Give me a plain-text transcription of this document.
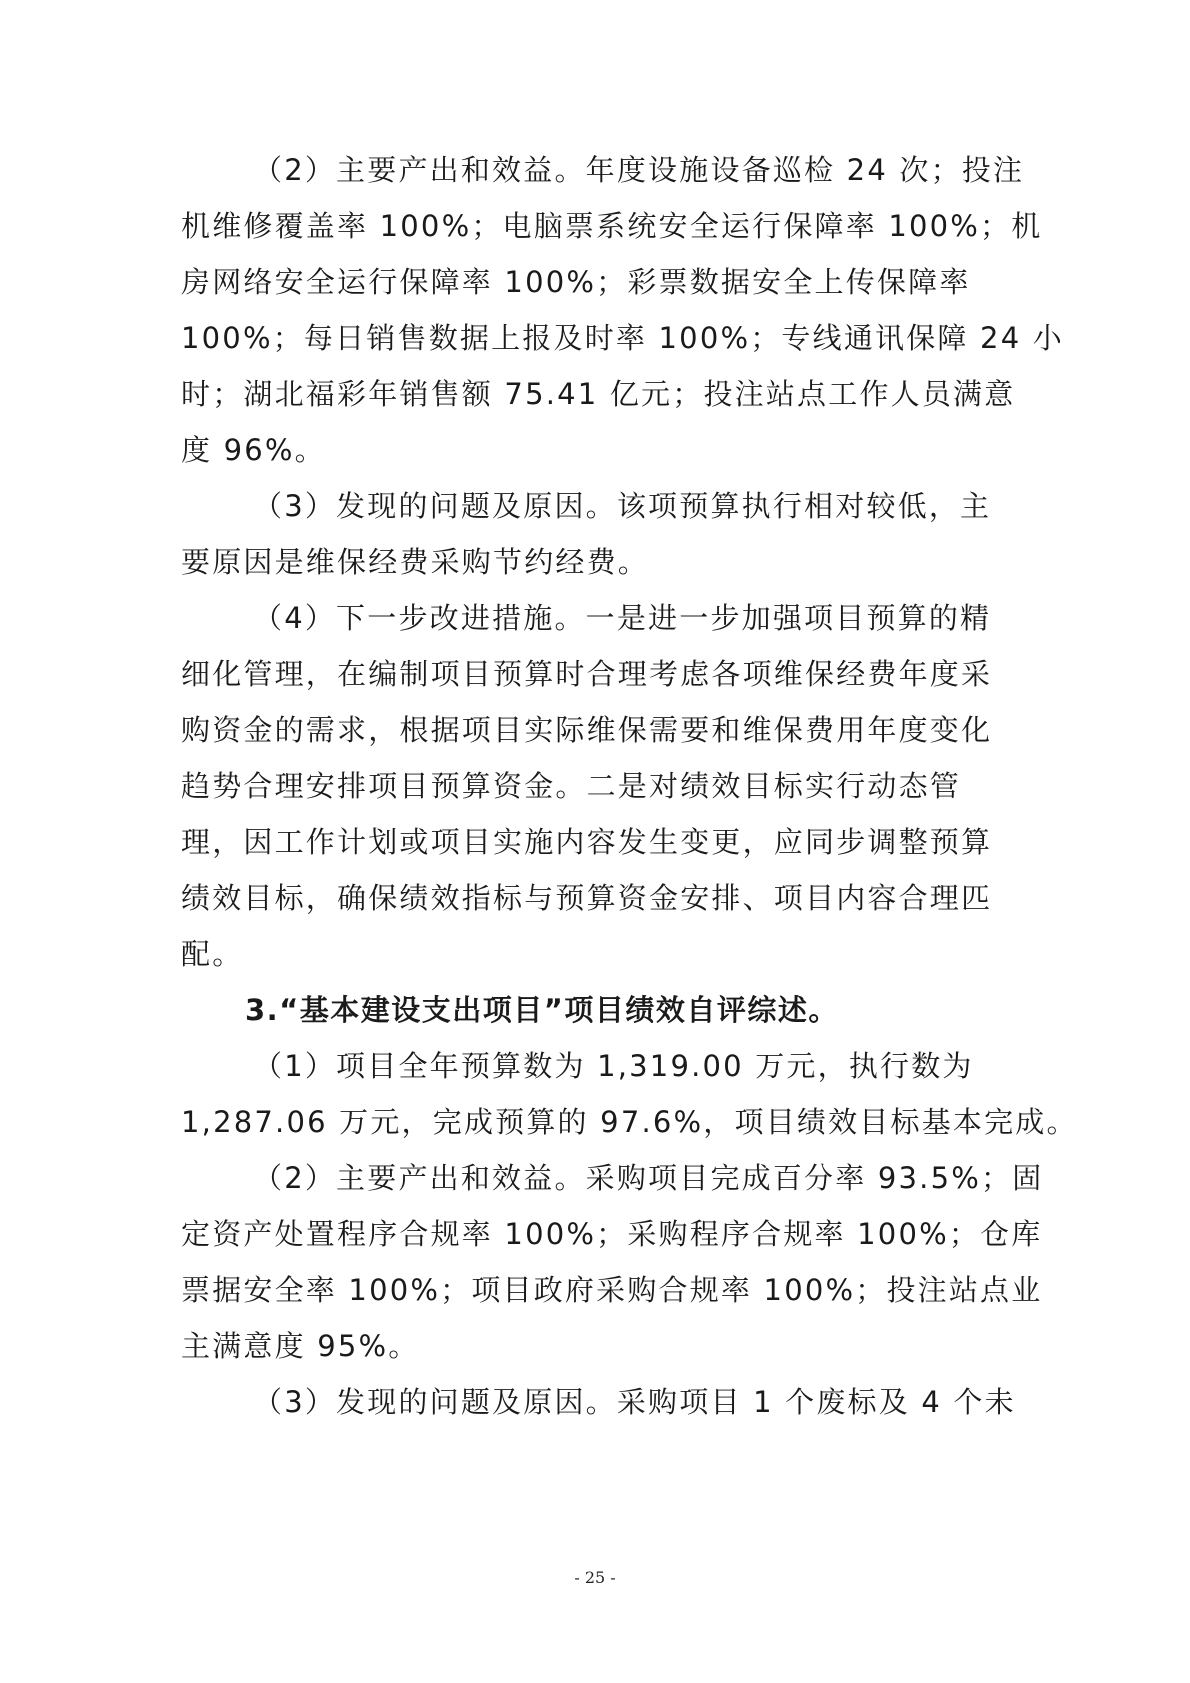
（2）主要产出和效益。年度设施设备巡检 24 次；投注
机维修覆盖率 100%；电脑票系统安全运行保障率 100%；机
房网络安全运行保障率 100%；彩票数据安全上传保障率
100%；每日销售数据上报及时率 100%；专线通讯保障 24 小
时；湖北福彩年销售额 75.41 亿元；投注站点工作人员满意
度 96%。
（3）发现的问题及原因。该项预算执行相对较低，主
要原因是维保经费采购节约经费。
（4）下一步改进措施。一是进一步加强项目预算的精
细化管理，在编制项目预算时合理考虑各项维保经费年度采
购资金的需求，根据项目实际维保需要和维保费用年度变化
趋势合理安排项目预算资金。二是对绩效目标实行动态管
理，因工作计划或项目实施内容发生变更，应同步调整预算
绩效目标，确保绩效指标与预算资金安排、项目内容合理匹
配。
3.“基本建设支出项目”项目绩效自评综述。
（1）项目全年预算数为 1,319.00 万元，执行数为
1,287.06 万元，完成预算的 97.6%，项目绩效目标基本完成。
（2）主要产出和效益。采购项目完成百分率 93.5%；固
定资产处置程序合规率 100%；采购程序合规率 100%；仓库
票据安全率 100%；项目政府采购合规率 100%；投注站点业
主满意度 95%。
（3）发现的问题及原因。采购项目 1 个废标及 4 个未
- 25 -
